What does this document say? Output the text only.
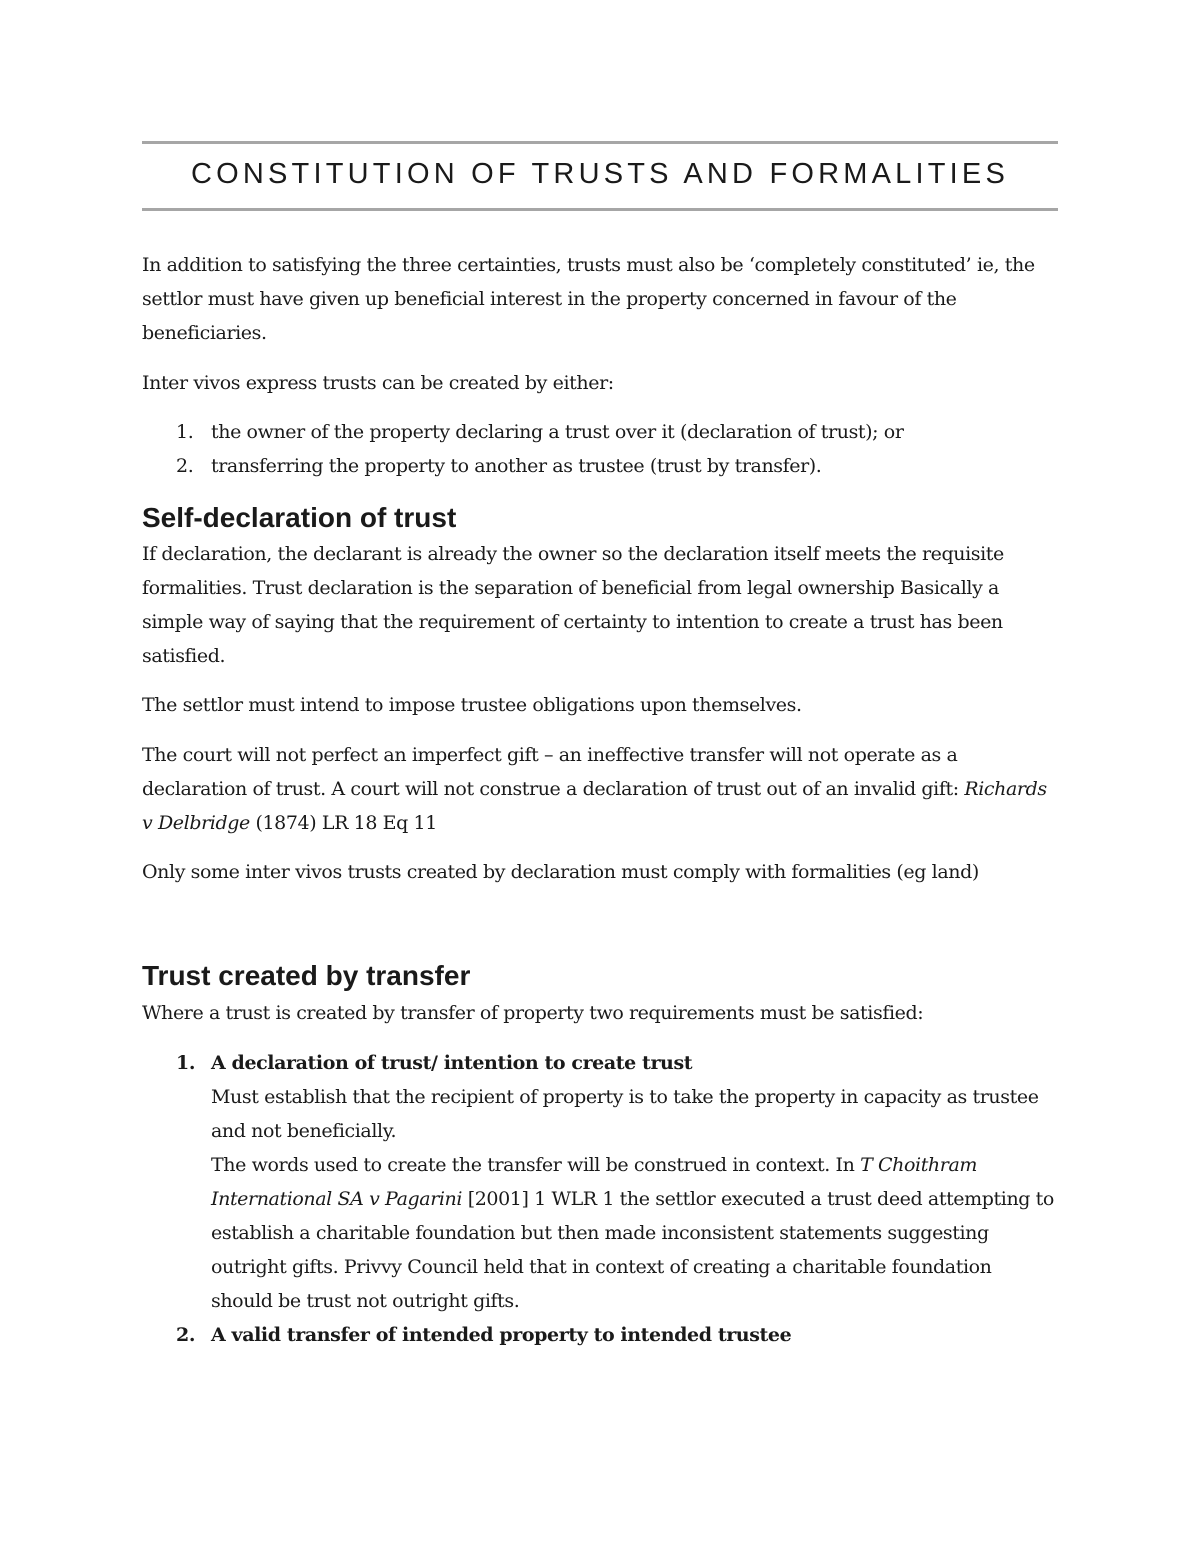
CONSTITUTION OF TRUSTS AND FORMALITIES

In addition to satisfying the three certainties, trusts must also be ‘completely constituted’ ie, the settlor must have given up beneficial interest in the property concerned in favour of the beneficiaries.

Inter vivos express trusts can be created by either:

1. the owner of the property declaring a trust over it (declaration of trust); or
2. transferring the property to another as trustee (trust by transfer).
Self-declaration of trust

If declaration, the declarant is already the owner so the declaration itself meets the requisite formalities. Trust declaration is the separation of beneficial from legal ownership Basically a simple way of saying that the requirement of certainty to intention to create a trust has been satisfied.

The settlor must intend to impose trustee obligations upon themselves.

The court will not perfect an imperfect gift – an ineffective transfer will not operate as a declaration of trust. A court will not construe a declaration of trust out of an invalid gift: Richards v Delbridge (1874) LR 18 Eq 11

Only some inter vivos trusts created by declaration must comply with formalities (eg land)

Trust created by transfer

Where a trust is created by transfer of property two requirements must be satisfied:

1. A declaration of trust/ intention to create trust
Must establish that the recipient of property is to take the property in capacity as trustee and not beneficially.
The words used to create the transfer will be construed in context. In T Choithram International SA v Pagarini [2001] 1 WLR 1 the settlor executed a trust deed attempting to establish a charitable foundation but then made inconsistent statements suggesting outright gifts. Privvy Council held that in context of creating a charitable foundation should be trust not outright gifts.
2. A valid transfer of intended property to intended trustee
